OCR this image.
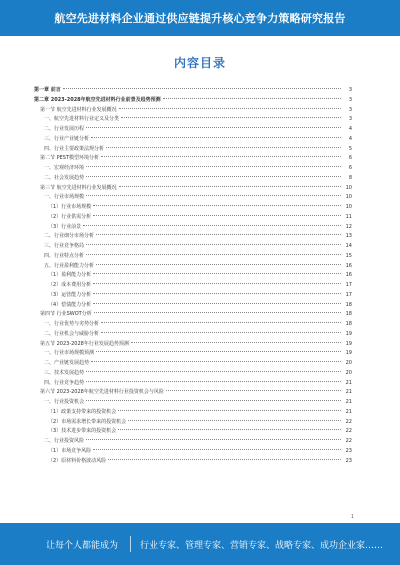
航空先进材料企业通过供应链提升核心竞争力策略研究报告
内容目录
第一章 前言	3
第二章 2023-2028年航空先进材料行业前景及趋势预测	3
第一节 航空先进材料行业发展概况	3
一、航空先进材料行业定义及分类	3
二、行业发展历程	4
三、行业产业链分析	4
四、行业主要政策法规分析	5
第二节 PEST模型环境分析	6
一、宏观经济环境	6
二、社会发展趋势	8
第三节 航空先进材料行业发展概况	10
一、行业市场规模	10
（1）行业市场规模	10
（2）行业供需分析	11
（3）行业前景	12
二、行业细分市场分析	13
三、行业竞争格局	14
四、行业特点分析	15
五、行业盈利能力分析	16
（1）盈利能力分析	16
（2）成本费用分析	17
（3）运营能力分析	17
（4）偿债能力分析	18
第四节 行业SWOT分析	18
一、行业优势与劣势分析	18
二、行业机会与威胁分析	19
第五节 2023-2028年行业发展趋势预测	19
一、行业市场规模预测	19
二、产业链发展趋势	20
三、技术发展趋势	20
四、行业竞争趋势	21
第六节 2023-2028年航空先进材料行业投资机会与风险	21
一、行业投资机会	21
（1）政策支持带来的投资机会	21
（2）市场需求增长带来的投资机会	22
（3）技术进步带来的投资机会	22
二、行业投资风险	22
（1）市场竞争风险	23
（2）原材料价格波动风险	23
1
让每个人都能成为 行业专家、管理专家、营销专家、战略专家、成功企业家……
